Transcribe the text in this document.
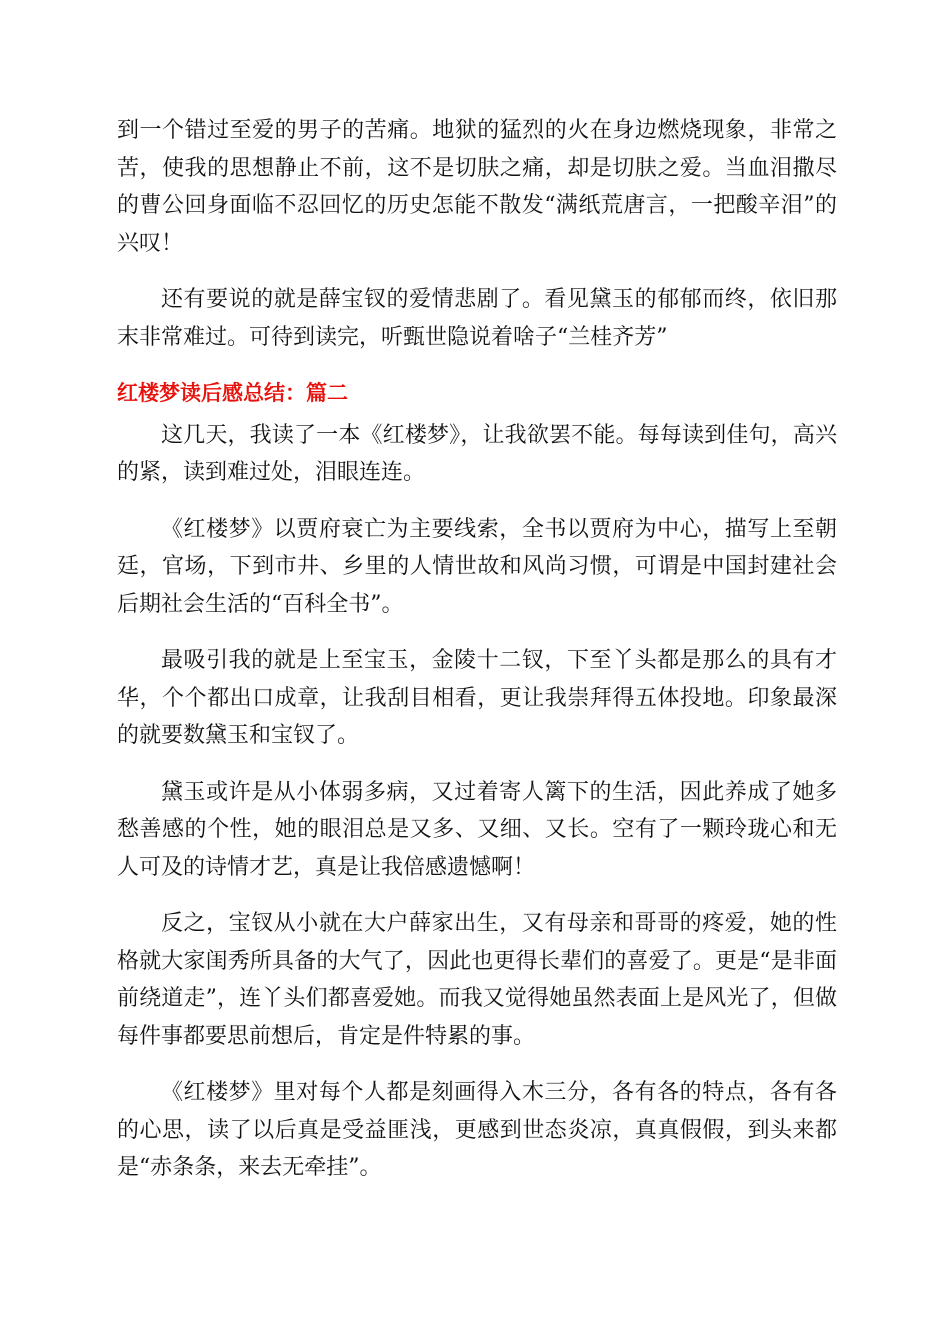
到一个错过至爱的男子的苦痛。地狱的猛烈的火在身边燃烧现象，非常之苦，使我的思想静止不前，这不是切肤之痛，却是切肤之爱。当血泪撒尽的曹公回身面临不忍回忆的历史怎能不散发“满纸荒唐言，一把酸辛泪”的兴叹！

还有要说的就是薛宝钗的爱情悲剧了。看见黛玉的郁郁而终，依旧那末非常难过。可待到读完，听甄世隐说着啥子“兰桂齐芳”

红楼梦读后感总结：篇二

这几天，我读了一本《红楼梦》，让我欲罢不能。每每读到佳句，高兴的紧，读到难过处，泪眼连连。

《红楼梦》以贾府衰亡为主要线索，全书以贾府为中心，描写上至朝廷，官场，下到市井、乡里的人情世故和风尚习惯，可谓是中国封建社会后期社会生活的“百科全书”。

最吸引我的就是上至宝玉，金陵十二钗，下至丫头都是那么的具有才华，个个都出口成章，让我刮目相看，更让我崇拜得五体投地。印象最深的就要数黛玉和宝钗了。

黛玉或许是从小体弱多病，又过着寄人篱下的生活，因此养成了她多愁善感的个性，她的眼泪总是又多、又细、又长。空有了一颗玲珑心和无人可及的诗情才艺，真是让我倍感遗憾啊！

反之，宝钗从小就在大户薛家出生，又有母亲和哥哥的疼爱，她的性格就大家闺秀所具备的大气了，因此也更得长辈们的喜爱了。更是“是非面前绕道走”，连丫头们都喜爱她。而我又觉得她虽然表面上是风光了，但做每件事都要思前想后，肯定是件特累的事。

《红楼梦》里对每个人都是刻画得入木三分，各有各的特点，各有各的心思，读了以后真是受益匪浅，更感到世态炎凉，真真假假，到头来都是“赤条条，来去无牵挂”。
